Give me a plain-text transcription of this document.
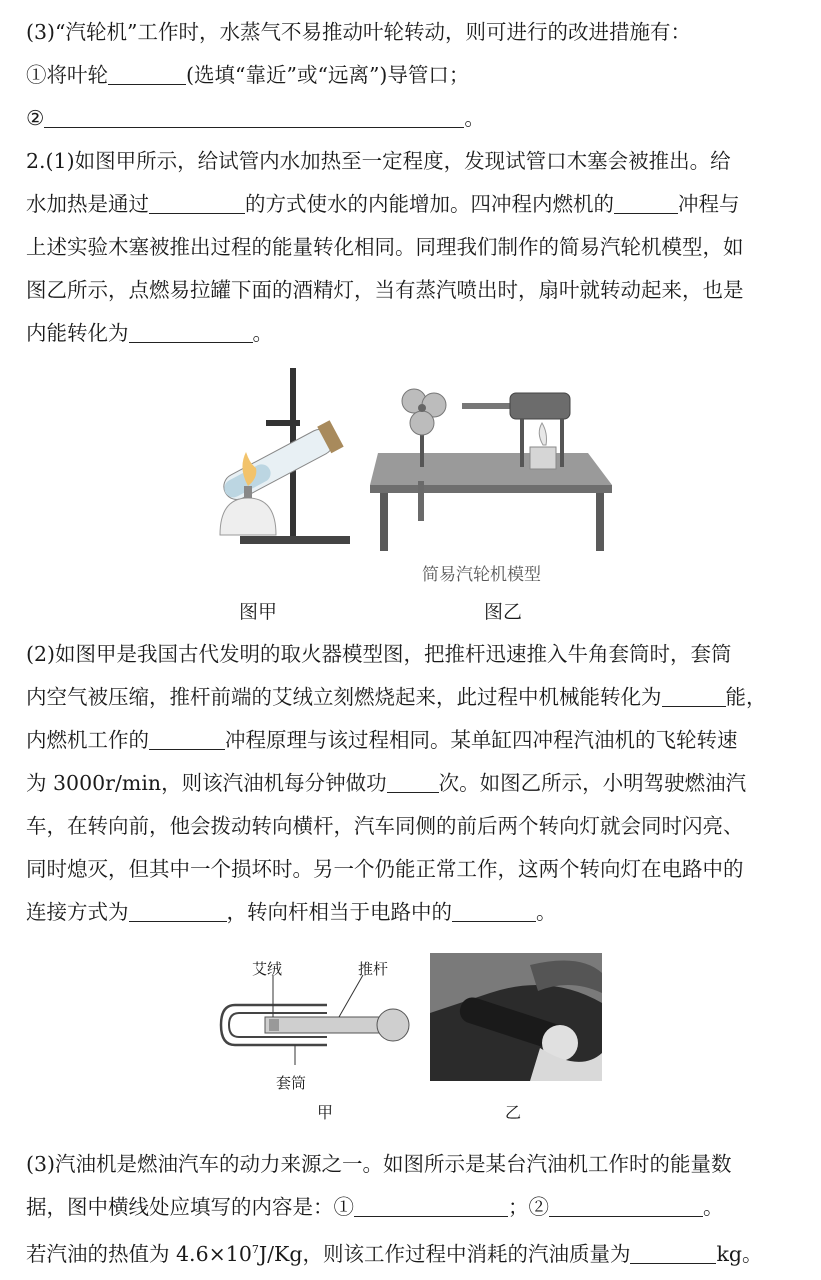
(3)“汽轮机”工作时，水蒸气不易推动叶轮转动，则可进行的改进措施有：
①将叶轮	(选填“靠近”或“远离”)导管口；
②	。
2.(1)如图甲所示，给试管内水加热至一定程度，发现试管口木塞会被推出。给
水加热是通过	的方式使水的内能增加。四冲程内燃机的	冲程与
上述实验木塞被推出过程的能量转化相同。同理我们制作的简易汽轮机模型，如
图乙所示，点燃易拉罐下面的酒精灯，当有蒸汽喷出时，扇叶就转动起来，也是
内能转化为	。
简易汽轮机模型
图甲	图乙
(2)如图甲是我国古代发明的取火器模型图，把推杆迅速推入牛角套筒时，套筒
内空气被压缩，推杆前端的艾绒立刻燃烧起来，此过程中机械能转化为	能，
内燃机工作的	冲程原理与该过程相同。某单缸四冲程汽油机的飞轮转速
为 3000r/min，则该汽油机每分钟做功	次。如图乙所示，小明驾驶燃油汽
车，在转向前，他会拨动转向横杆，汽车同侧的前后两个转向灯就会同时闪亮、
同时熄灭，但其中一个损坏时。另一个仍能正常工作，这两个转向灯在电路中的
连接方式为	，转向杆相当于电路中的	。
艾绒	推杆
套筒
甲	乙
(3)汽油机是燃油汽车的动力来源之一。如图所示是某台汽油机工作时的能量数
据，图中横线处应填写的内容是：①	；②	。
若汽油的热值为 $4.6\times 10^7J/Kg$，则该工作过程中消耗的汽油质量为	kg。
